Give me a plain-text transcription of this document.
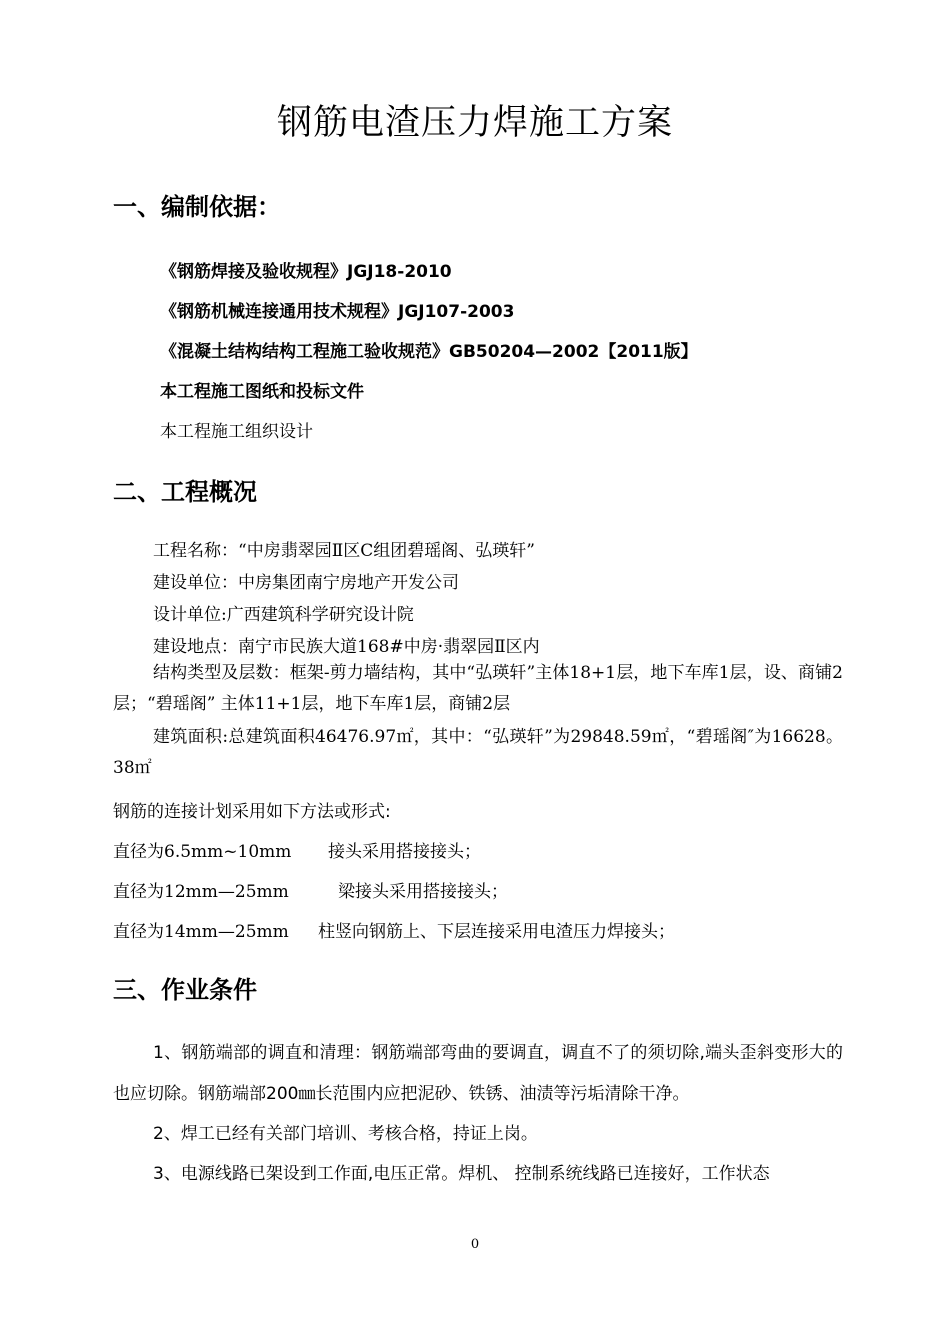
钢筋电渣压力焊施工方案
一、编制依据：
《钢筋焊接及验收规程》JGJ18-2010
《钢筋机械连接通用技术规程》JGJ107-2003
《混凝土结构结构工程施工验收规范》GB50204—2002【2011版】
本工程施工图纸和投标文件
本工程施工组织设计
二、工程概况
工程名称：“中房翡翠园Ⅱ区C组团碧瑶阁、弘瑛轩”
建设单位：中房集团南宁房地产开发公司
设计单位:广西建筑科学研究设计院
建设地点：南宁市民族大道168#中房·翡翠园Ⅱ区内
结构类型及层数：框架-剪力墙结构，其中“弘瑛轩”主体18+1层，地下车库1层，设、商铺2层；“碧瑶阁” 主体11+1层，地下车库1层，商铺2层
建筑面积:总建筑面积46476.97㎡，其中：“弘瑛轩”为29848.59㎡，“碧瑶阁″为16628。38㎡
钢筋的连接计划采用如下方法或形式:
直径为6.5mm~10mm 接头采用搭接接头；
直径为12mm—25mm	梁接头采用搭接接头；
直径为14mm—25mm 柱竖向钢筋上、下层连接采用电渣压力焊接头；
三、作业条件
1、钢筋端部的调直和清理：钢筋端部弯曲的要调直，调直不了的须切除,端头歪斜变形大的也应切除。钢筋端部200㎜长范围内应把泥砂、铁锈、油渍等污垢清除干净。
2、焊工已经有关部门培训、考核合格，持证上岗。
3、电源线路已架设到工作面,电压正常。焊机、 控制系统线路已连接好，工作状态
0
